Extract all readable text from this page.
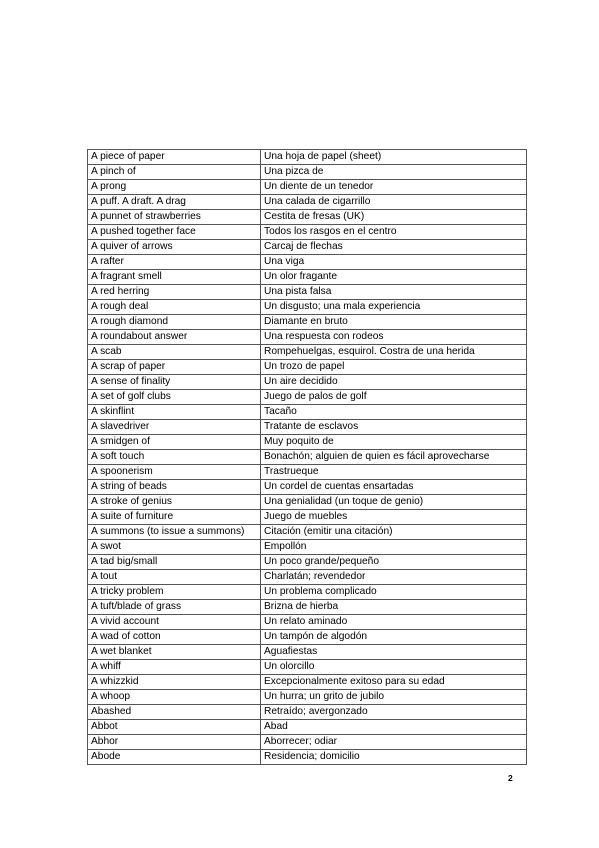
A piece of paper	Una hoja de papel (sheet)
A pinch of	Una pizca de
A prong	Un diente de un tenedor
A puff. A draft. A drag	Una calada de cigarrillo
A punnet of strawberries	Cestita de fresas (UK)
A pushed together face	Todos los rasgos en el centro
A quiver of arrows	Carcaj de flechas
A rafter	Una viga
A fragrant smell	Un olor fragante
A red herring	Una pista falsa
A rough deal	Un disgusto; una mala experiencia
A rough diamond	Diamante en bruto
A roundabout answer	Una respuesta con rodeos
A scab	Rompehuelgas, esquirol. Costra de una herida
A scrap of paper	Un trozo de papel
A sense of finality	Un aire decidido
A set of golf clubs	Juego de palos de golf
A skinflint	Tacaño
A slavedriver	Tratante de esclavos
A smidgen of	Muy poquito de
A soft touch	Bonachón; alguien de quien es fácil aprovecharse
A spoonerism	Trastrueque
A string of beads	Un cordel de cuentas ensartadas
A stroke of genius	Una genialidad (un toque de genio)
A suite of furniture	Juego de muebles
A summons (to issue a summons)	Citación (emitir una citación)
A swot	Empollón
A tad big/small	Un poco grande/pequeño
A tout	Charlatán; revendedor
A tricky problem	Un problema complicado
A tuft/blade of grass	Brizna de hierba
A vivid account	Un relato aminado
A wad of cotton	Un tampón de algodón
A wet blanket	Aguafiestas
A whiff	Un olorcillo
A whizzkid	Excepcionalmente exitoso para su edad
A whoop	Un hurra; un grito de jubilo
Abashed	Retraído; avergonzado
Abbot	Abad
Abhor	Aborrecer; odiar
Abode	Residencia; domicilio
2
